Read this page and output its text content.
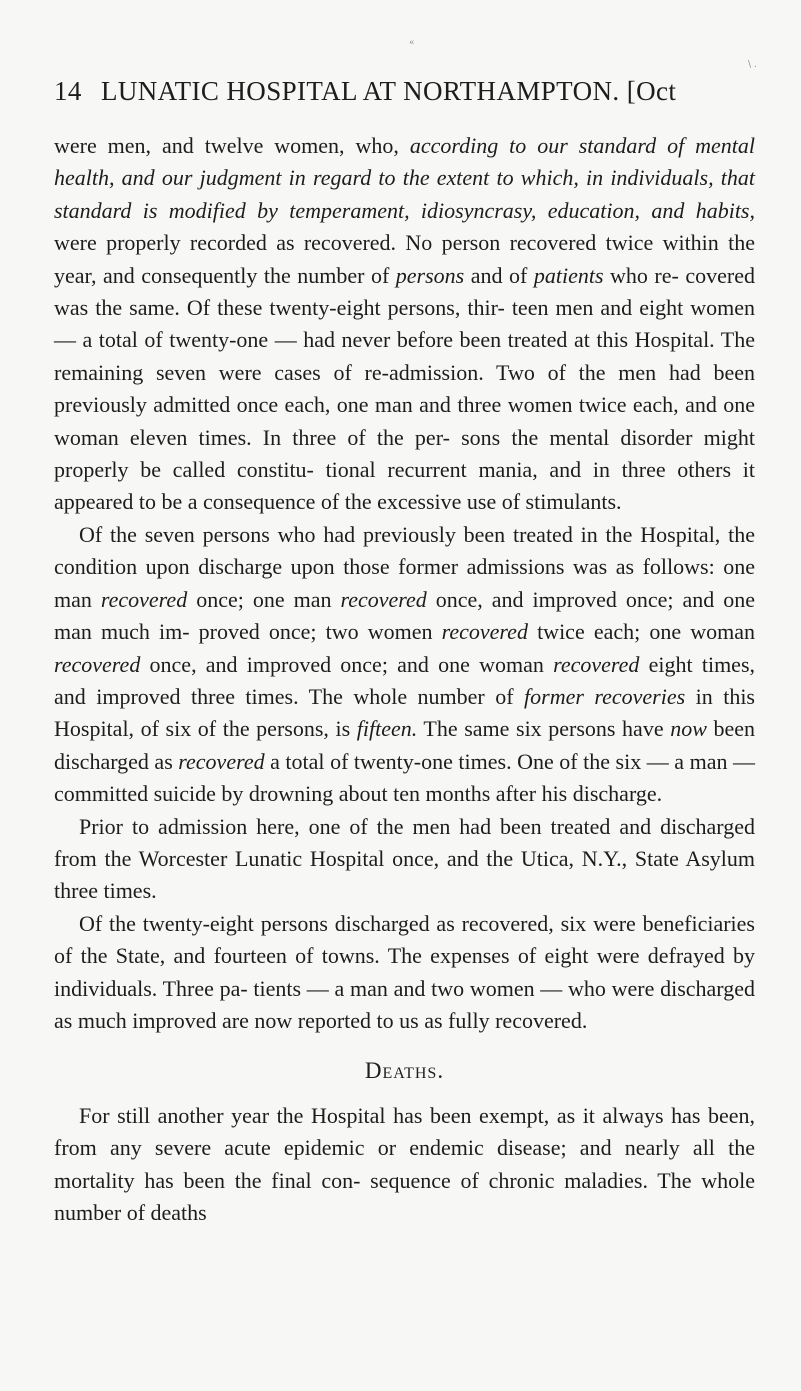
«
\ .
14 LUNATIC HOSPITAL AT NORTHAMPTON. [Oct

were men, and twelve women, who, according to our standard of mental health, and our judgment in regard to the extent to which, in individuals, that standard is modified by temperament, idiosyncrasy, education, and habits, were properly recorded as recovered. No person recovered twice within the year, and consequently the number of persons and of patients who re- covered was the same. Of these twenty-eight persons, thir- teen men and eight women — a total of twenty-one — had never before been treated at this Hospital. The remaining seven were cases of re-admission. Two of the men had been previously admitted once each, one man and three women twice each, and one woman eleven times. In three of the per- sons the mental disorder might properly be called constitu- tional recurrent mania, and in three others it appeared to be a consequence of the excessive use of stimulants.

Of the seven persons who had previously been treated in the Hospital, the condition upon discharge upon those former admissions was as follows: one man recovered once; one man recovered once, and improved once; and one man much im- proved once; two women recovered twice each; one woman recovered once, and improved once; and one woman recovered eight times, and improved three times. The whole number of former recoveries in this Hospital, of six of the persons, is fifteen. The same six persons have now been discharged as recovered a total of twenty-one times. One of the six — a man — committed suicide by drowning about ten months after his discharge.

Prior to admission here, one of the men had been treated and discharged from the Worcester Lunatic Hospital once, and the Utica, N.Y., State Asylum three times.

Of the twenty-eight persons discharged as recovered, six were beneficiaries of the State, and fourteen of towns. The expenses of eight were defrayed by individuals. Three pa- tients — a man and two women — who were discharged as much improved are now reported to us as fully recovered.

Deaths.

For still another year the Hospital has been exempt, as it always has been, from any severe acute epidemic or endemic disease; and nearly all the mortality has been the final con- sequence of chronic maladies. The whole number of deaths
